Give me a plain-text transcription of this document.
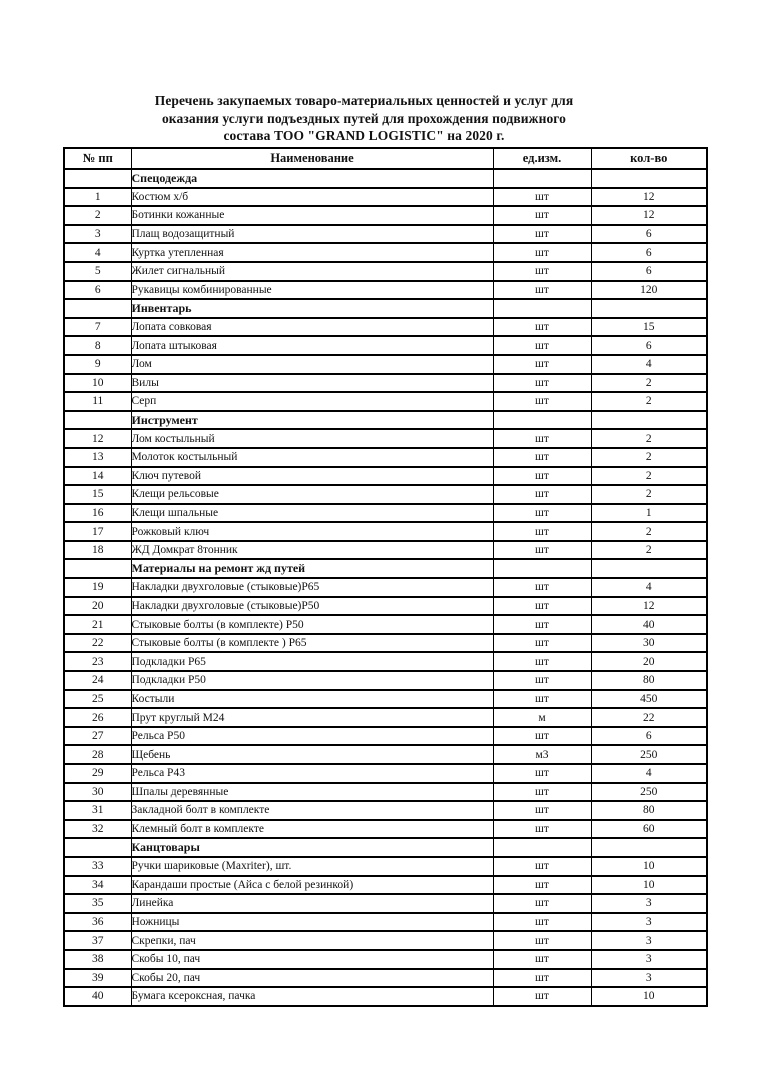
Перечень закупаемых товаро-материальных ценностей и услуг для
оказания услуги подъездных путей для прохождения подвижного
состава ТОО "GRAND LOGISTIC" на 2020 г.
№ пп	Наименование	ед.изм.	кол-во
	Спецодежда		
1	Костюм х/б	шт	12
2	Ботинки кожанные	шт	12
3	Плащ водозащитный	шт	6
4	Куртка утепленная	шт	6
5	Жилет сигнальный	шт	6
6	Рукавицы комбинированные	шт	120
	Инвентарь		
7	Лопата совковая	шт	15
8	Лопата штыковая	шт	6
9	Лом	шт	4
10	Вилы	шт	2
11	Серп	шт	2
	Инструмент		
12	Лом костыльный	шт	2
13	Молоток костыльный	шт	2
14	Ключ путевой	шт	2
15	Клещи рельсовые	шт	2
16	Клещи шпальные	шт	1
17	Рожковый ключ	шт	2
18	ЖД Домкрат 8тонник	шт	2
	Материалы на ремонт жд путей		
19	Накладки двухголовые (стыковые)Р65	шт	4
20	Накладки двухголовые (стыковые)Р50	шт	12
21	Стыковые болты (в комплекте) Р50	шт	40
22	Стыковые болты (в комплекте ) Р65	шт	30
23	Подкладки Р65	шт	20
24	Подкладки Р50	шт	80
25	Костыли	шт	450
26	Прут круглый М24	м	22
27	Рельса Р50	шт	6
28	Щебень	м3	250
29	Рельса Р43	шт	4
30	Шпалы деревянные	шт	250
31	Закладной болт в комплекте	шт	80
32	Клемный болт в комплекте	шт	60
	Канцтовары		
33	Ручки шариковые (Maxriter), шт.	шт	10
34	Карандаши простые (Айса с белой резинкой)	шт	10
35	Линейка	шт	3
36	Ножницы	шт	3
37	Скрепки, пач	шт	3
38	Скобы 10, пач	шт	3
39	Скобы 20, пач	шт	3
40	Бумага ксероксная, пачка	шт	10
